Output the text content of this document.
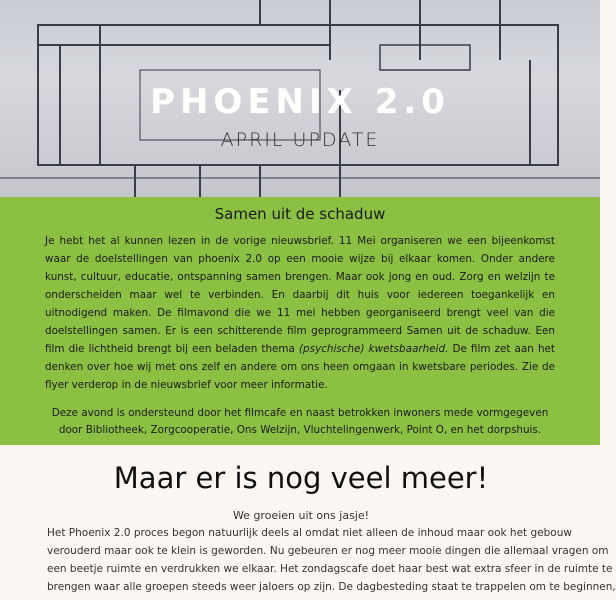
PHOENIX 2.0
APRIL UPDATE
Samen uit de schaduw

Je hebt het al kunnen lezen in de vorige nieuwsbrief. 11 Mei organiseren we een bijeenkomst waar de doelstellingen van phoenix 2.0 op een mooie wijze bij elkaar komen. Onder andere kunst, cultuur, educatie, ontspanning samen brengen. Maar ook jong en oud. Zorg en welzijn te onderscheiden maar wel te verbinden. En daarbij dit huis voor iedereen toegankelijk en uitnodigend maken. De filmavond die we 11 mei hebben georganiseerd brengt veel van die doelstellingen samen. Er is een schitterende film geprogrammeerd Samen uit de schaduw. Een film die lichtheid brengt bij een beladen thema (psychische) kwetsbaarheid. De film zet aan het denken over hoe wij met ons zelf en andere om ons heen omgaan in kwetsbare periodes. Zie de flyer verderop in de nieuwsbrief voor meer informatie.

Deze avond is ondersteund door het filmcafe en naast betrokken inwoners mede vormgegeven
door Bibliotheek, Zorgcooperatie, Ons Welzijn, Vluchtelingenwerk, Point O, en het dorpshuis.

Maar er is nog veel meer!
We groeien uit ons jasje!

Het Phoenix 2.0 proces begon natuurlijk deels al omdat niet alleen de inhoud maar ook het gebouw

verouderd maar ook te klein is geworden. Nu gebeuren er nog meer mooie dingen die allemaal vragen om

een beetje ruimte en verdrukken we elkaar. Het zondagscafe doet haar best wat extra sfeer in de ruimte te

brengen waar alle groepen steeds weer jaloers op zijn. De dagbesteding staat te trappelen om te beginnen,
